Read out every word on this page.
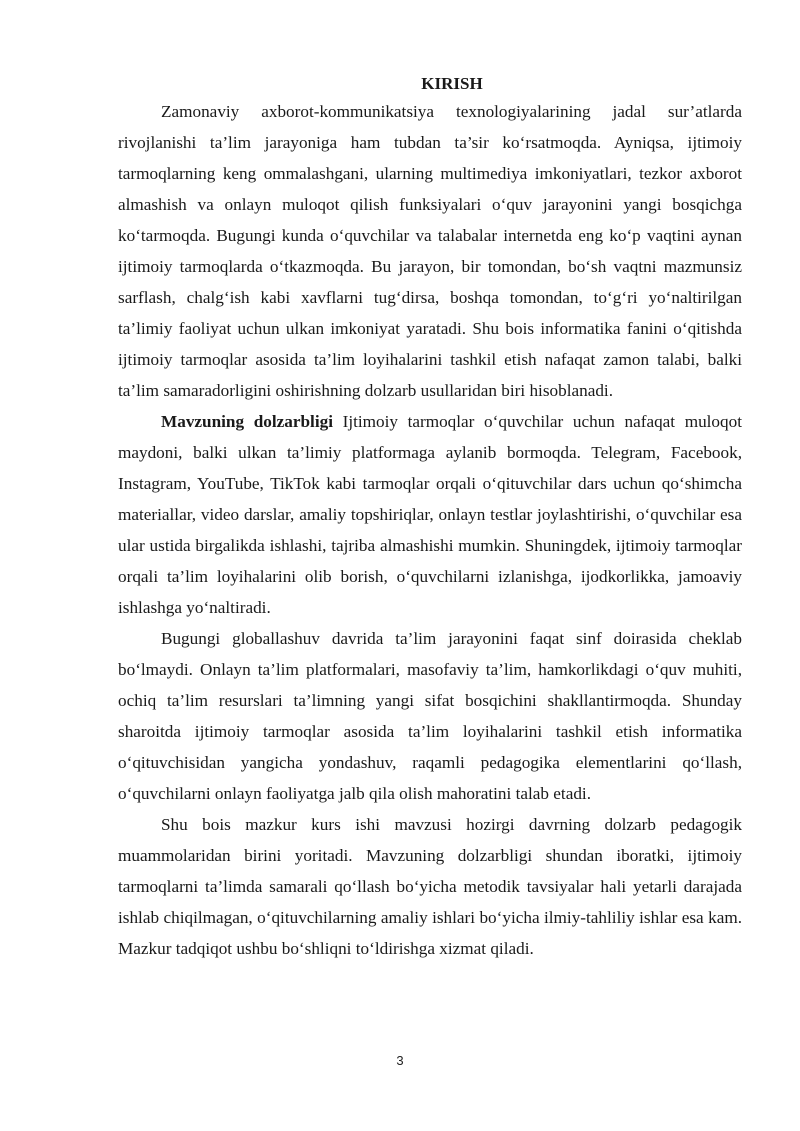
KIRISH

Zamonaviy axborot-kommunikatsiya texnologiyalarining jadal sur’atlarda rivojlanishi ta’lim jarayoniga ham tubdan ta’sir ko‘rsatmoqda. Ayniqsa, ijtimoiy tarmoqlarning keng ommalashgani, ularning multimediya imkoniyatlari, tezkor axborot almashish va onlayn muloqot qilish funksiyalari o‘quv jarayonini yangi bosqichga ko‘tarmoqda. Bugungi kunda o‘quvchilar va talabalar internetda eng ko‘p vaqtini aynan ijtimoiy tarmoqlarda o‘tkazmoqda. Bu jarayon, bir tomondan, bo‘sh vaqtni mazmunsiz sarflash, chalg‘ish kabi xavflarni tug‘dirsa, boshqa tomondan, to‘g‘ri yo‘naltirilgan ta’limiy faoliyat uchun ulkan imkoniyat yaratadi. Shu bois informatika fanini o‘qitishda ijtimoiy tarmoqlar asosida ta’lim loyihalarini tashkil etish nafaqat zamon talabi, balki ta’lim samaradorligini oshirishning dolzarb usullaridan biri hisoblanadi.

Mavzuning dolzarbligi Ijtimoiy tarmoqlar o‘quvchilar uchun nafaqat muloqot maydoni, balki ulkan ta’limiy platformaga aylanib bormoqda. Telegram, Facebook, Instagram, YouTube, TikTok kabi tarmoqlar orqali o‘qituvchilar dars uchun qo‘shimcha materiallar, video darslar, amaliy topshiriqlar, onlayn testlar joylashtirishi, o‘quvchilar esa ular ustida birgalikda ishlashi, tajriba almashishi mumkin. Shuningdek, ijtimoiy tarmoqlar orqali ta’lim loyihalarini olib borish, o‘quvchilarni izlanishga, ijodkorlikka, jamoaviy ishlashga yo‘naltiradi.

Bugungi globallashuv davrida ta’lim jarayonini faqat sinf doirasida cheklab bo‘lmaydi. Onlayn ta’lim platformalari, masofaviy ta’lim, hamkorlikdagi o‘quv muhiti, ochiq ta’lim resurslari ta’limning yangi sifat bosqichini shakllantirmoqda. Shunday sharoitda ijtimoiy tarmoqlar asosida ta’lim loyihalarini tashkil etish informatika o‘qituvchisidan yangicha yondashuv, raqamli pedagogika elementlarini qo‘llash, o‘quvchilarni onlayn faoliyatga jalb qila olish mahoratini talab etadi.

Shu bois mazkur kurs ishi mavzusi hozirgi davrning dolzarb pedagogik muammolaridan birini yoritadi. Mavzuning dolzarbligi shundan iboratki, ijtimoiy tarmoqlarni ta’limda samarali qo‘llash bo‘yicha metodik tavsiyalar hali yetarli darajada ishlab chiqilmagan, o‘qituvchilarning amaliy ishlari bo‘yicha ilmiy-tahliliy ishlar esa kam. Mazkur tadqiqot ushbu bo‘shliqni to‘ldirishga xizmat qiladi.

3
